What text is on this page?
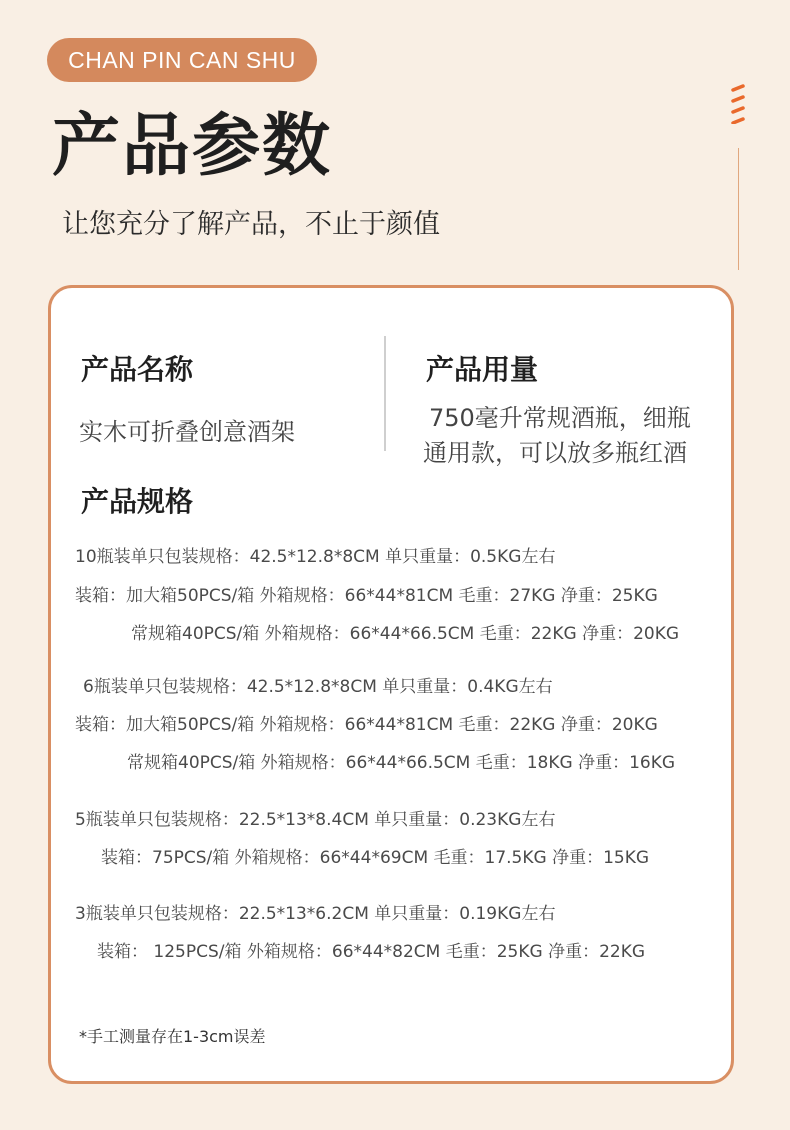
CHAN PIN CAN SHU
产品参数
让您充分了解产品，不止于颜值
产品名称
实木可折叠创意酒架
产品用量
750毫升常规酒瓶，细瓶
通用款，可以放多瓶红酒
产品规格
10瓶装单只包装规格：42.5*12.8*8CM 单只重量：0.5KG左右
装箱：加大箱50PCS/箱 外箱规格：66*44*81CM 毛重：27KG 净重：25KG
常规箱40PCS/箱 外箱规格：66*44*66.5CM 毛重：22KG 净重：20KG
6瓶装单只包装规格：42.5*12.8*8CM 单只重量：0.4KG左右
装箱：加大箱50PCS/箱 外箱规格：66*44*81CM 毛重：22KG 净重：20KG
常规箱40PCS/箱 外箱规格：66*44*66.5CM 毛重：18KG 净重：16KG
5瓶装单只包装规格：22.5*13*8.4CM 单只重量：0.23KG左右
装箱：75PCS/箱 外箱规格：66*44*69CM 毛重：17.5KG 净重：15KG
3瓶装单只包装规格：22.5*13*6.2CM 单只重量：0.19KG左右
装箱： 125PCS/箱 外箱规格：66*44*82CM 毛重：25KG 净重：22KG
*手工测量存在1-3cm误差
